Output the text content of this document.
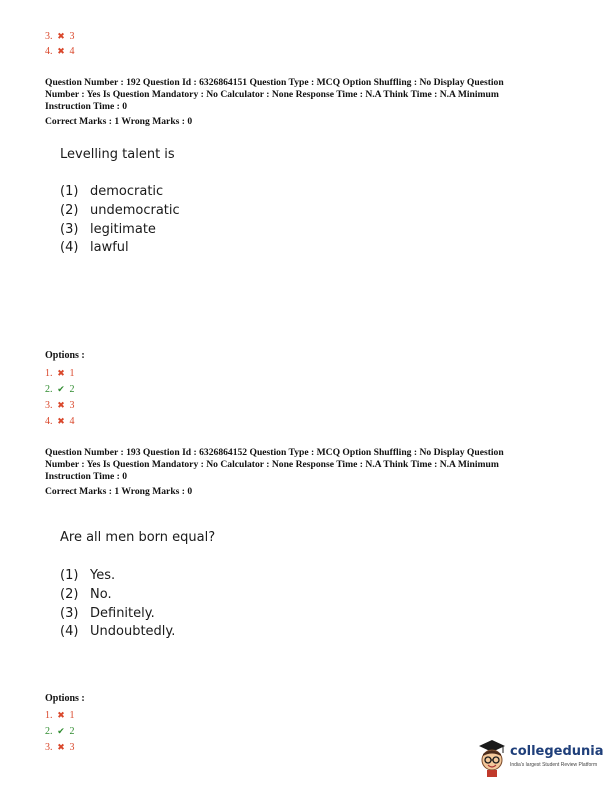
3. ✖ 3
4. ✖ 4
Question Number : 192 Question Id : 6326864151 Question Type : MCQ Option Shuffling : No Display Question
Number : Yes Is Question Mandatory : No Calculator : None Response Time : N.A Think Time : N.A Minimum
Instruction Time : 0
Correct Marks : 1 Wrong Marks : 0
Levelling talent is
(1) democratic
(2) undemocratic
(3) legitimate
(4) lawful
Options :
1. ✖ 1
2. ✔ 2
3. ✖ 3
4. ✖ 4
Question Number : 193 Question Id : 6326864152 Question Type : MCQ Option Shuffling : No Display Question
Number : Yes Is Question Mandatory : No Calculator : None Response Time : N.A Think Time : N.A Minimum
Instruction Time : 0
Correct Marks : 1 Wrong Marks : 0
Are all men born equal?
(1) Yes.
(2) No.
(3) Definitely.
(4) Undoubtedly.
Options :
1. ✖ 1
2. ✔ 2
3. ✖ 3	collegedunia
India's largest Student Review Platform
